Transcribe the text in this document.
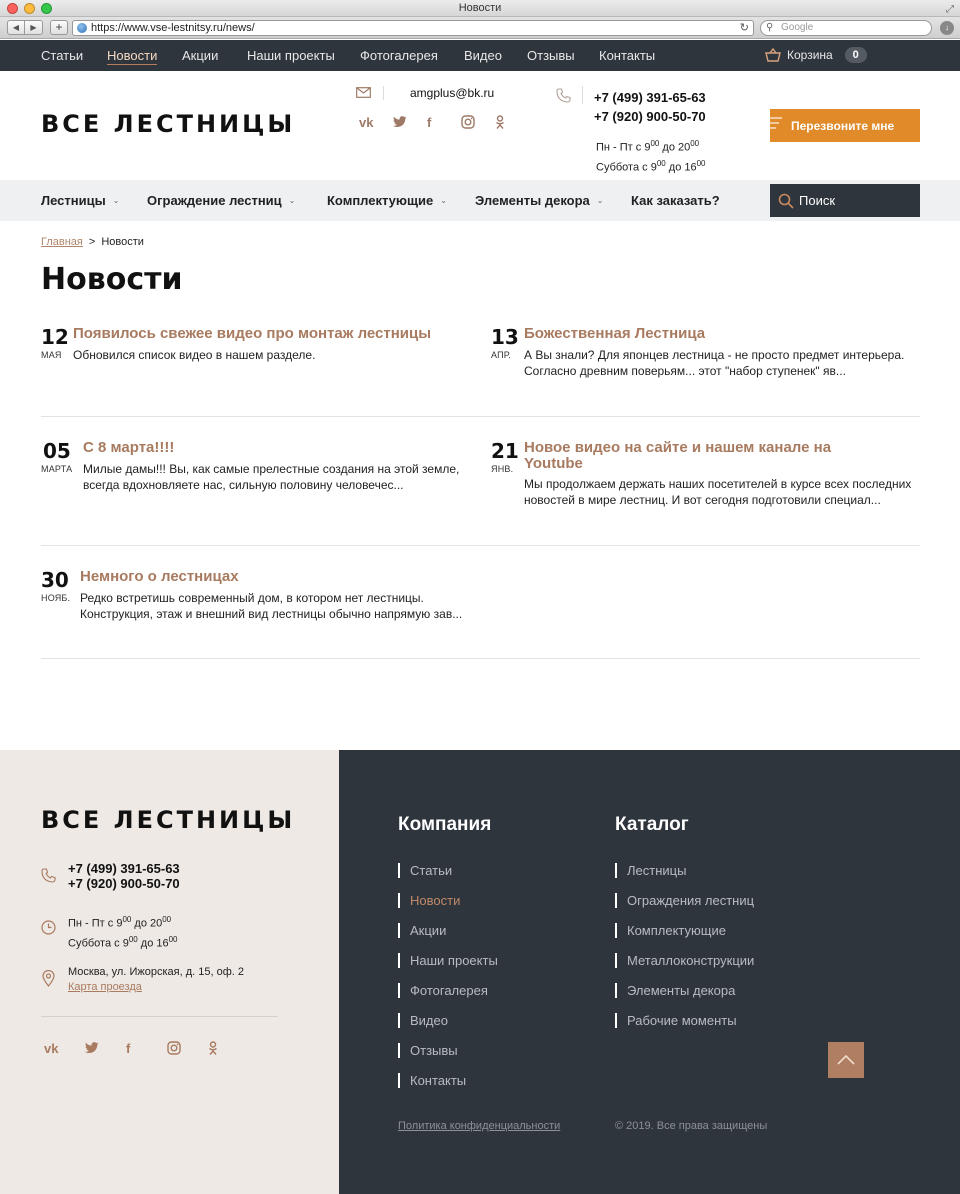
Новости	⤢
◀	▶	+	https://www.vse-lestnitsy.ru/news/	↻ ⚲ Google	↓
Статьи Новости Акции Наши проекты Фотогалерея Видео Отзывы Контакты	Корзина	0
ВСЕ ЛЕСТНИЦЫ
amgplus@bk.ru
vk	f
+7 (499) 391-65-63
+7 (920) 900-50-70
Пн - Пт с $9^{00}$ до $20^{00}$
Суббота с $9^{00}$ до $16^{00}$
Перезвоните мне
Лестницы ⌄ Ограждение лестниц ⌄ Комплектующие ⌄ Элементы декора ⌄ Как заказать?	Поиск
Главная > Новости
Новости
12
МАЯ
Появилось свежее видео про монтаж лестницы
Обновился список видео в нашем разделе.
13
АПР.
Божественная Лестница
А Вы знали? Для японцев лестница - не просто предмет интерьера. Согласно древним поверьям... этот "набор ступенек" яв...
05
МАРТА
С 8 марта!!!!
Милые дамы!!! Вы, как самые прелестные создания на этой земле, всегда вдохновляете нас, сильную половину человечес...
21
ЯНВ.
Новое видео на сайте и нашем канале на Youtube
Мы продолжаем держать наших посетителей в курсе всех последних новостей в мире лестниц. И вот сегодня подготовили специал...
30
НОЯБ.
Немного о лестницах
Редко встретишь современный дом, в котором нет лестницы. Конструкция, этаж и внешний вид лестницы обычно напрямую зав...
ВСЕ ЛЕСТНИЦЫ
+7 (499) 391-65-63
+7 (920) 900-50-70
Пн - Пт с $9^{00}$ до $20^{00}$
Суббота с $9^{00}$ до $16^{00}$
Москва, ул. Ижорская, д. 15, оф. 2
Карта проезда
vk	f
Компания
Статьи
Новости
Акции
Наши проекты
Фотогалерея
Видео
Отзывы
Контакты
Каталог
Лестницы
Ограждения лестниц
Комплектующие
Металлоконструкции
Элементы декора
Рабочие моменты
Политика конфиденциальности	© 2019. Все права защищены
